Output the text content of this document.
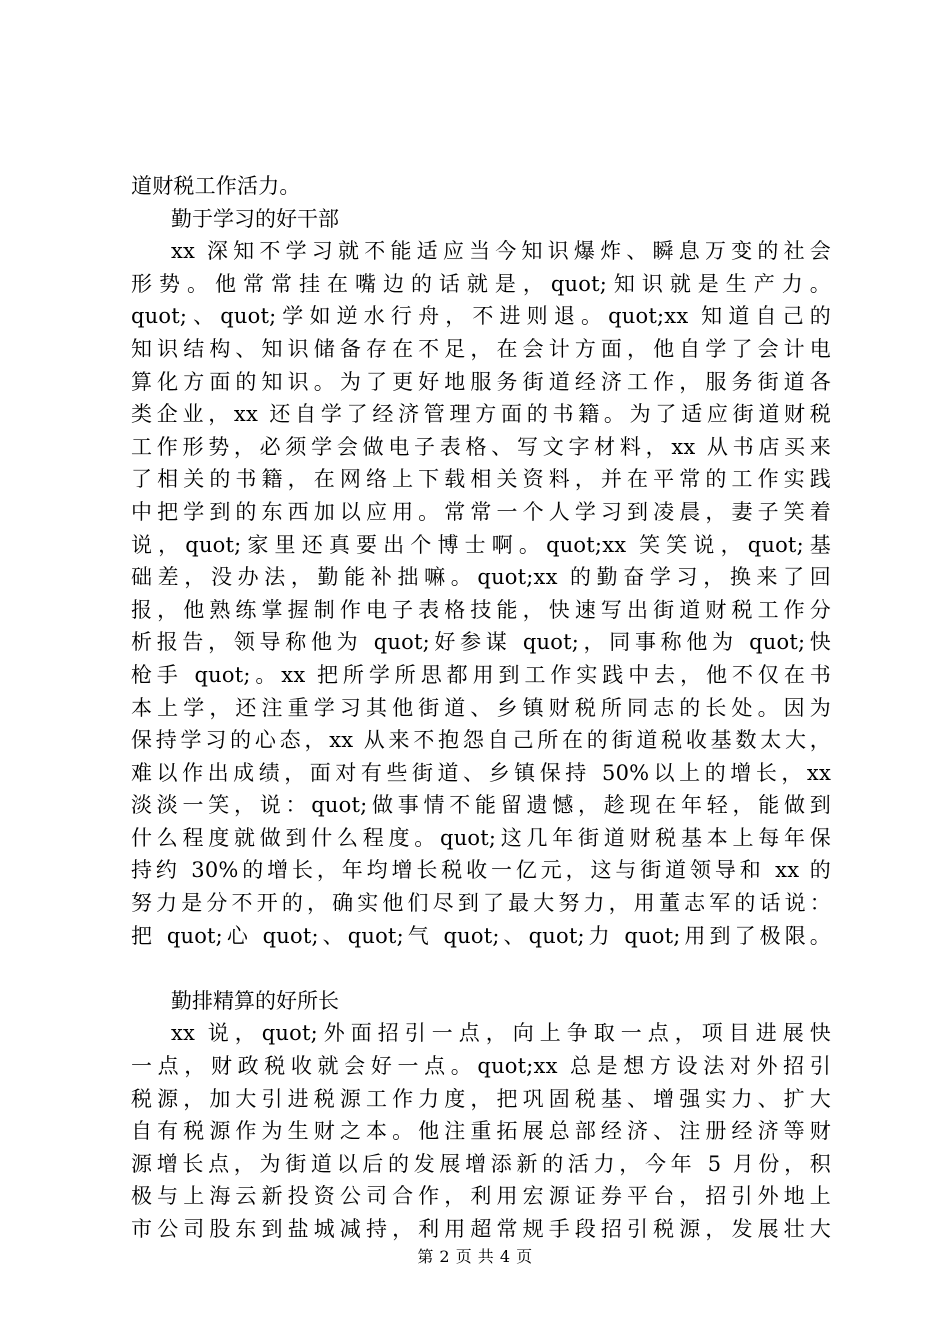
道财税工作活力。
勤于学习的好干部
xx 深知不学习就不能适应当今知识爆炸、瞬息万变的社会
形势。他常常挂在嘴边的话就是，quot;知识就是生产力。
quot;、quot;学如逆水行舟，不进则退。quot;xx 知道自己的
知识结构、知识储备存在不足，在会计方面，他自学了会计电
算化方面的知识。为了更好地服务街道经济工作，服务街道各
类企业，xx 还自学了经济管理方面的书籍。为了适应街道财税
工作形势，必须学会做电子表格、写文字材料，xx 从书店买来
了相关的书籍，在网络上下载相关资料，并在平常的工作实践
中把学到的东西加以应用。常常一个人学习到凌晨，妻子笑着
说，quot;家里还真要出个博士啊。quot;xx 笑笑说，quot;基
础差，没办法，勤能补拙嘛。quot;xx 的勤奋学习，换来了回
报，他熟练掌握制作电子表格技能，快速写出街道财税工作分
析报告，领导称他为 quot;好参谋 quot;，同事称他为 quot;快
枪手 quot;。xx 把所学所思都用到工作实践中去，他不仅在书
本上学，还注重学习其他街道、乡镇财税所同志的长处。因为
保持学习的心态，xx 从来不抱怨自己所在的街道税收基数太大，
难以作出成绩，面对有些街道、乡镇保持 50%以上的增长，xx
淡淡一笑，说：quot;做事情不能留遗憾，趁现在年轻，能做到
什么程度就做到什么程度。quot;这几年街道财税基本上每年保
持约 30%的增长，年均增长税收一亿元，这与街道领导和 xx 的
努力是分不开的，确实他们尽到了最大努力，用董志军的话说：
把 quot;心 quot;、quot;气 quot;、quot;力 quot;用到了极限。
勤排精算的好所长
xx 说，quot;外面招引一点，向上争取一点，项目进展快
一点，财政税收就会好一点。quot;xx 总是想方设法对外招引
税源，加大引进税源工作力度，把巩固税基、增强实力、扩大
自有税源作为生财之本。他注重拓展总部经济、注册经济等财
源增长点，为街道以后的发展增添新的活力，今年 5 月份，积
极与上海云新投资公司合作，利用宏源证券平台，招引外地上
市公司股东到盐城减持，利用超常规手段招引税源，发展壮大
第 2 页 共 4 页
